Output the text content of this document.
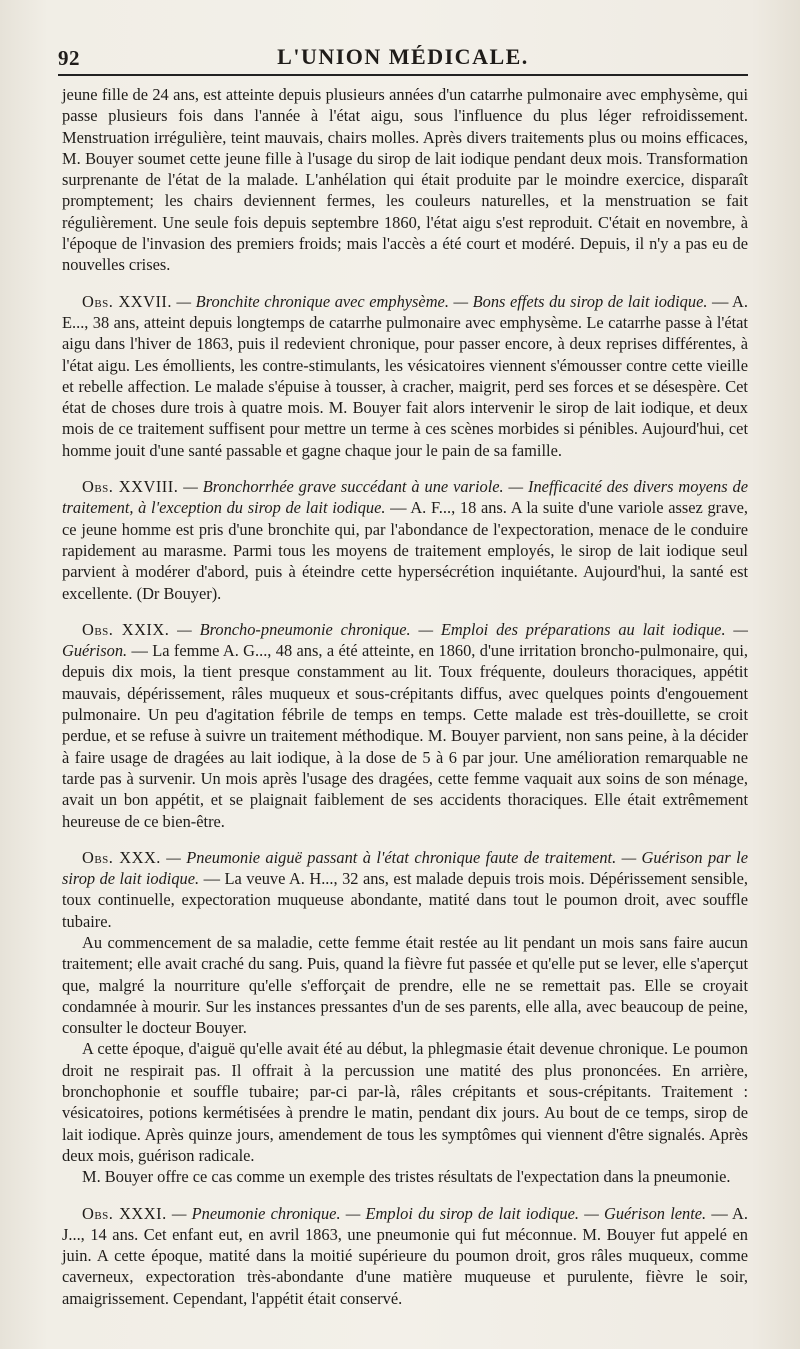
92	L'UNION MÉDICALE.

jeune fille de 24 ans, est atteinte depuis plusieurs années d'un catarrhe pulmonaire avec emphysème, qui passe plusieurs fois dans l'année à l'état aigu, sous l'influence du plus léger refroidissement. Menstruation irrégulière, teint mauvais, chairs molles. Après divers traitements plus ou moins efficaces, M. Bouyer soumet cette jeune fille à l'usage du sirop de lait iodique pendant deux mois. Transformation surprenante de l'état de la malade. L'anhélation qui était produite par le moindre exercice, disparaît promptement; les chairs deviennent fermes, les couleurs naturelles, et la menstruation se fait régulièrement. Une seule fois depuis septembre 1860, l'état aigu s'est reproduit. C'était en novembre, à l'époque de l'invasion des premiers froids; mais l'accès a été court et modéré. Depuis, il n'y a pas eu de nouvelles crises.

Obs. XXVII. — Bronchite chronique avec emphysème. — Bons effets du sirop de lait iodique. — A. E..., 38 ans, atteint depuis longtemps de catarrhe pulmonaire avec emphysème. Le catarrhe passe à l'état aigu dans l'hiver de 1863, puis il redevient chronique, pour passer encore, à deux reprises différentes, à l'état aigu. Les émollients, les contre-stimulants, les vésicatoires viennent s'émousser contre cette vieille et rebelle affection. Le malade s'épuise à tousser, à cracher, maigrit, perd ses forces et se désespère. Cet état de choses dure trois à quatre mois. M. Bouyer fait alors intervenir le sirop de lait iodique, et deux mois de ce traitement suffisent pour mettre un terme à ces scènes morbides si pénibles. Aujourd'hui, cet homme jouit d'une santé passable et gagne chaque jour le pain de sa famille.

Obs. XXVIII. — Bronchorrhée grave succédant à une variole. — Inefficacité des divers moyens de traitement, à l'exception du sirop de lait iodique. — A. F..., 18 ans. A la suite d'une variole assez grave, ce jeune homme est pris d'une bronchite qui, par l'abondance de l'expectoration, menace de le conduire rapidement au marasme. Parmi tous les moyens de traitement employés, le sirop de lait iodique seul parvient à modérer d'abord, puis à éteindre cette hypersécrétion inquiétante. Aujourd'hui, la santé est excellente. (Dr Bouyer).

Obs. XXIX. — Broncho-pneumonie chronique. — Emploi des préparations au lait iodique. — Guérison. — La femme A. G..., 48 ans, a été atteinte, en 1860, d'une irritation broncho-pulmonaire, qui, depuis dix mois, la tient presque constamment au lit. Toux fréquente, douleurs thoraciques, appétit mauvais, dépérissement, râles muqueux et sous-crépitants diffus, avec quelques points d'engouement pulmonaire. Un peu d'agitation fébrile de temps en temps. Cette malade est très-douillette, se croit perdue, et se refuse à suivre un traitement méthodique. M. Bouyer parvient, non sans peine, à la décider à faire usage de dragées au lait iodique, à la dose de 5 à 6 par jour. Une amélioration remarquable ne tarde pas à survenir. Un mois après l'usage des dragées, cette femme vaquait aux soins de son ménage, avait un bon appétit, et se plaignait faiblement de ses accidents thoraciques. Elle était extrêmement heureuse de ce bien-être.

Obs. XXX. — Pneumonie aiguë passant à l'état chronique faute de traitement. — Guérison par le sirop de lait iodique. — La veuve A. H..., 32 ans, est malade depuis trois mois. Dépérissement sensible, toux continuelle, expectoration muqueuse abondante, matité dans tout le poumon droit, avec souffle tubaire.

Au commencement de sa maladie, cette femme était restée au lit pendant un mois sans faire aucun traitement; elle avait craché du sang. Puis, quand la fièvre fut passée et qu'elle put se lever, elle s'aperçut que, malgré la nourriture qu'elle s'efforçait de prendre, elle ne se remettait pas. Elle se croyait condamnée à mourir. Sur les instances pressantes d'un de ses parents, elle alla, avec beaucoup de peine, consulter le docteur Bouyer.

A cette époque, d'aiguë qu'elle avait été au début, la phlegmasie était devenue chronique. Le poumon droit ne respirait pas. Il offrait à la percussion une matité des plus prononcées. En arrière, bronchophonie et souffle tubaire; par-ci par-là, râles crépitants et sous-crépitants. Traitement : vésicatoires, potions kermétisées à prendre le matin, pendant dix jours. Au bout de ce temps, sirop de lait iodique. Après quinze jours, amendement de tous les symptômes qui viennent d'être signalés. Après deux mois, guérison radicale.

M. Bouyer offre ce cas comme un exemple des tristes résultats de l'expectation dans la pneumonie.

Obs. XXXI. — Pneumonie chronique. — Emploi du sirop de lait iodique. — Guérison lente. — A. J..., 14 ans. Cet enfant eut, en avril 1863, une pneumonie qui fut méconnue. M. Bouyer fut appelé en juin. A cette époque, matité dans la moitié supérieure du poumon droit, gros râles muqueux, comme caverneux, expectoration très-abondante d'une matière muqueuse et purulente, fièvre le soir, amaigrissement. Cependant, l'appétit était conservé.
